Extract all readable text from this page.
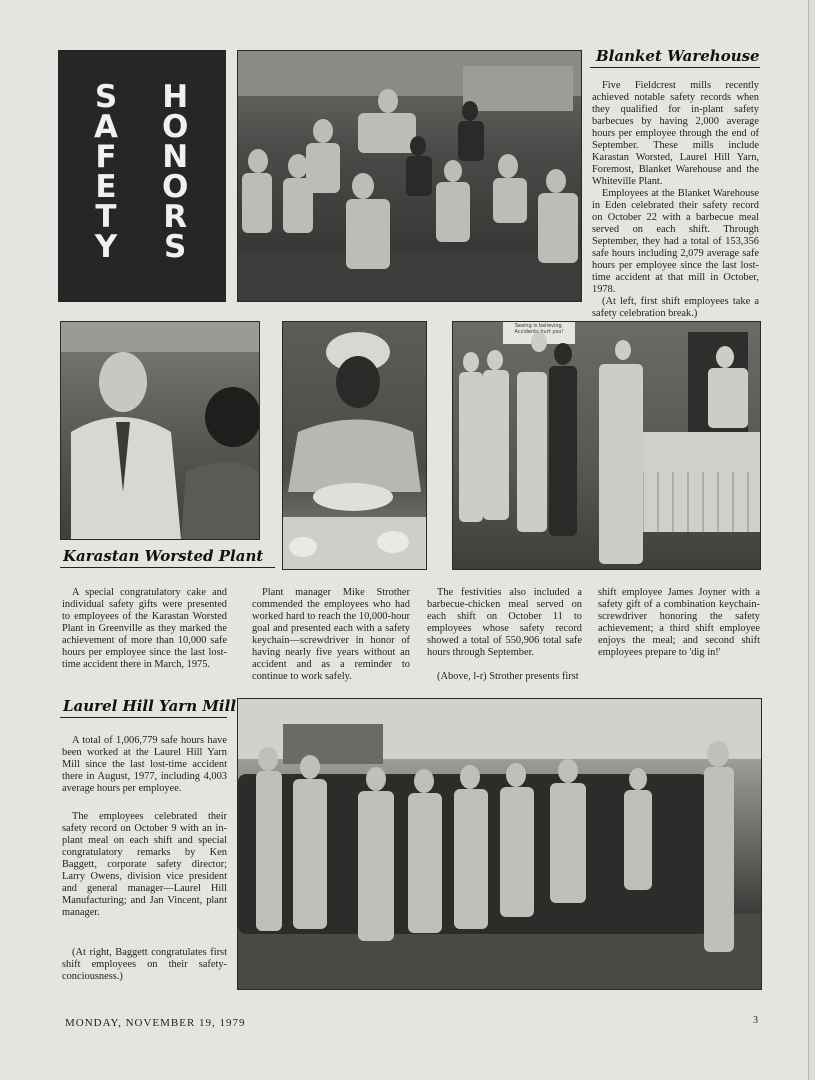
S
A
F
E
T
Y
H
O
N
O
R
S
Blanket Warehouse

Five Fieldcrest mills recently achieved notable safety records when they qualified for in-plant safety barbecues by having 2,000 average hours per employee through the end of September. These mills include Karastan Worsted, Laurel Hill Yarn, Foremost, Blanket Warehouse and the Whiteville Plant.

Employees at the Blanket Warehouse in Eden celebrated their safety record on October 22 with a barbecue meal served on each shift. Through September, they had a total of 153,356 safe hours including 2,079 average safe hours per employee since the last lost-time accident at that mill in October, 1978.

(At left, first shift employees take a safety celebration break.)

Seeing is believing. Accidents hurt you!
Karastan Worsted Plant

A special congratulatory cake and individual safety gifts were presented to employees of the Karastan Worsted Plant in Greenville as they marked the achievement of more than 10,000 safe hours per employee since the last lost-time accident there in March, 1975.

Plant manager Mike Strother commended the employees who had worked hard to reach the 10,000-hour goal and presented each with a safety keychain—screwdriver in honor of having nearly five years without an accident and as a reminder to continue to work safely.

The festivities also included a barbecue-chicken meal served on each shift on October 11 to employees whose safety record showed a total of 550,906 total safe hours through September.

(Above, l-r) Strother presents first

shift employee James Joyner with a safety gift of a combination keychain-screwdriver honoring the safety achievement; a third shift employee enjoys the meal; and second shift employees prepare to 'dig in!'

Laurel Hill Yarn Mill

A total of 1,006,779 safe hours have been worked at the Laurel Hill Yarn Mill since the last lost-time accident there in August, 1977, including 4,003 average hours per employee.

The employees celebrated their safety record on October 9 with an in-plant meal on each shift and special congratulatory remarks by Ken Baggett, corporate safety director; Larry Owens, division vice president and general manager—Laurel Hill Manufacturing; and Jan Vincent, plant manager.

(At right, Baggett congratulates first shift employees on their safety-conciousness.)

MONDAY, NOVEMBER 19, 1979	3
